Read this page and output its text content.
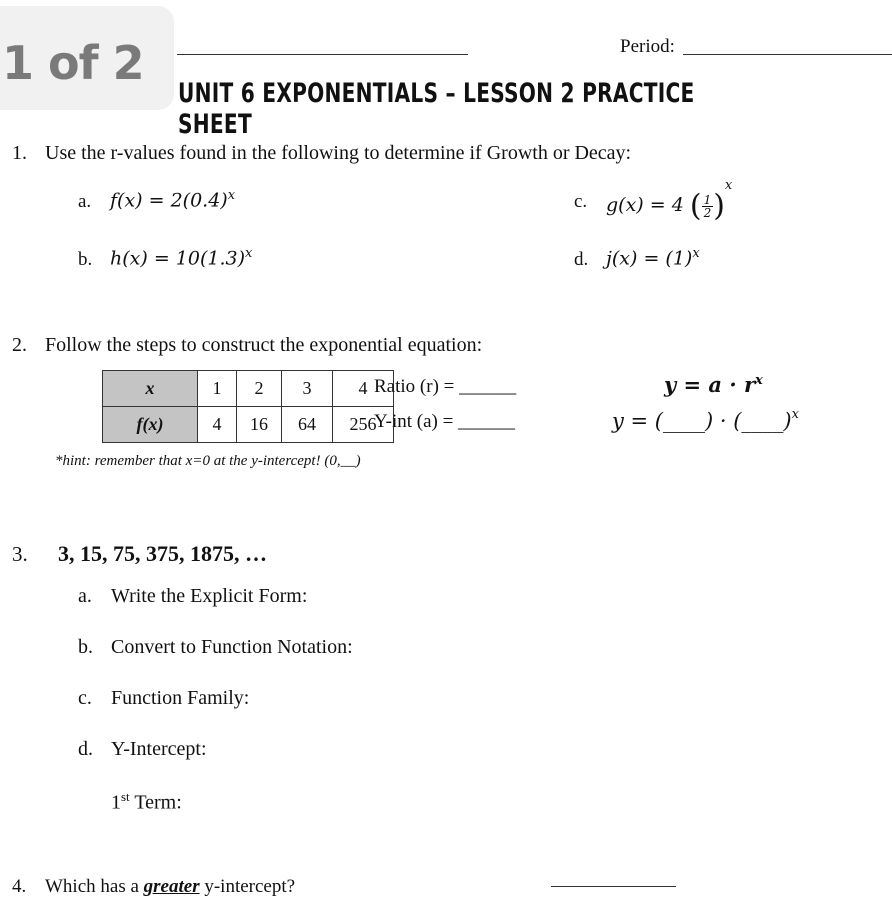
1 of 2	Period:
UNIT 6 EXPONENTIALS – LESSON 2 PRACTICE SHEET
1. Use the r-values found in the following to determine if Growth or Decay:
a. $f(x) = 2(0.4)^x$
b. $h(x) = 10(1.3)^x$
c. g(x) = 4 ( $\frac{1}{2} )^x$
d. $j(x) = (1)^x$
2. Follow the steps to construct the exponential equation:
x	1	2	3	4
f(x)	4	16	64	256
Ratio (r) = ______
Y-int (a) = ______
$y = a \cdot r^x$
y = (____) · (____)$^x$
*hint: remember that x=0 at the y-intercept! (0,__)
3. 3, 15, 75, 375, 1875, …
a. Write the Explicit Form:
b. Convert to Function Notation:
c. Function Family:
d. Y-Intercept:
1st Term:
4. Which has a greater y-intercept?
